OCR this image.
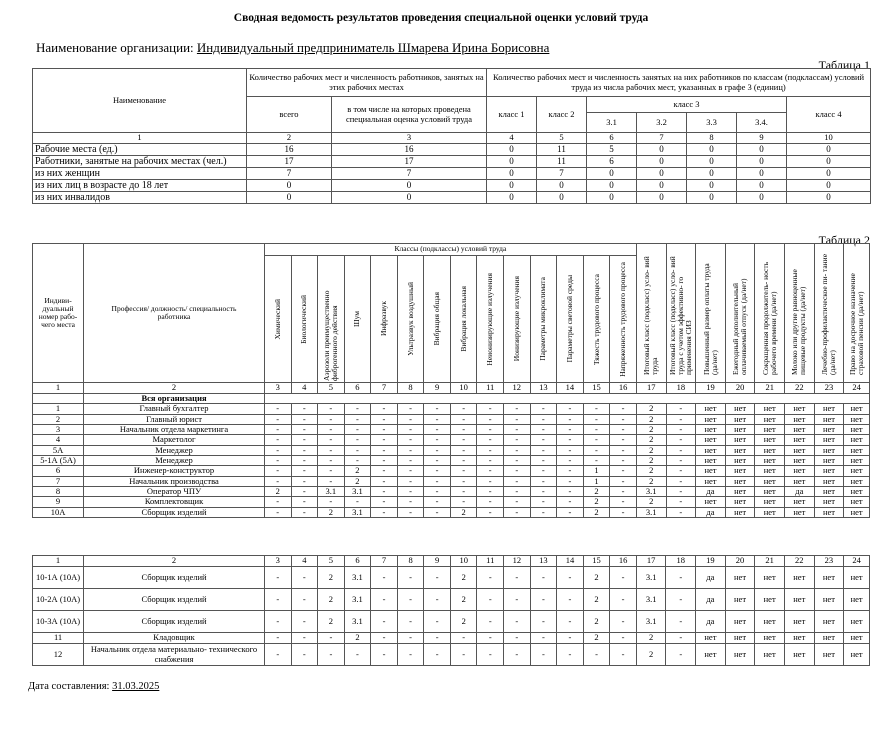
Сводная ведомость результатов проведения специальной оценки условий труда
Наименование организации: Индивидуальный предприниматель Шмарева Ирина Борисовна
Таблица 1
Наименование	Количество рабочих мест и численность работников, занятых на этих рабочих местах		Количество рабочих мест и численность занятых на них работников по классам (подклассам) условий труда из числа рабочих мест, указанных в графе 3 (единиц)						
	всего	в том числе на которых проведена специальная оценка условий труда	класс 1	класс 2	класс 3				класс 4
					3.1	3.2	3.3	3.4.	
1	2	3	4	5	6	7	8	9	10
Рабочие места (ед.)	16	16	0	11	5	0	0	0	0
Работники, занятые на рабочих местах (чел.)	17	17	0	11	6	0	0	0	0
из них женщин	7	7	0	7	0	0	0	0	0
из них лиц в возрасте до 18 лет	0	0	0	0	0	0	0	0	0
из них инвалидов	0	0	0	0	0	0	0	0	0
Таблица 2
Индиви- дуальный номер рабо- чего места	Профессия/ должность/ специальность работника	Классы (подклассы) условий труда														Итоговый класс (подкласс) усло- вий труда	Итоговый класс (подкласс) усло- вий труда с учетом эффективно- го применения СИЗ	Повышенный размер оплаты труда (да/нет)	Ежегодный дополнительный оплачиваемый отпуск (да/нет)	Сокращенная продолжитель- ность рабочего времени (да/нет)	Молоко или другие равноценные пищевые продукты (да/нет)	Лечебно-профилактическое пи- тание (да/нет)	Право на досрочное назначение страховой пенсии (да/нет)

		Химический	Биологический	Аэрозоли преимущественно фиброгенного действия	Шум	Инфразвук	Ультразвук воздушный	Вибрация общая	Вибрация локальная	Неионизирующие излучения	Ионизирующие излучения	Параметры микроклимата	Параметры световой среды	Тяжесть трудового процесса	Напряженность трудового процесса								

1	2	3	4	5	6	7	8	9	10	11	12	13	14	15	16	17	18	19	20	21	22	23	24
	Вся организация																						
1	Главный бухгалтер	-	-	-	-	-	-	-	-	-	-	-	-	-	-	2	-	нет	нет	нет	нет	нет	нет
2	Главный юрист	-	-	-	-	-	-	-	-	-	-	-	-	-	-	2	-	нет	нет	нет	нет	нет	нет
3	Начальник отдела маркетинга	-	-	-	-	-	-	-	-	-	-	-	-	-	-	2	-	нет	нет	нет	нет	нет	нет
4	Маркетолог	-	-	-	-	-	-	-	-	-	-	-	-	-	-	2	-	нет	нет	нет	нет	нет	нет
5А	Менеджер	-	-	-	-	-	-	-	-	-	-	-	-	-	-	2	-	нет	нет	нет	нет	нет	нет
5-1А (5А)	Менеджер	-	-	-	-	-	-	-	-	-	-	-	-	-	-	2	-	нет	нет	нет	нет	нет	нет
6	Инженер-конструктор	-	-	-	2	-	-	-	-	-	-	-	-	1	-	2	-	нет	нет	нет	нет	нет	нет
7	Начальник производства	-	-	-	2	-	-	-	-	-	-	-	-	1	-	2	-	нет	нет	нет	нет	нет	нет
8	Оператор ЧПУ	2	-	3.1	3.1	-	-	-	-	-	-	-	-	2	-	3.1	-	да	нет	нет	да	нет	нет
9	Комплектовщик	-	-	-	-	-	-	-	-	-	-	-	-	2	-	2	-	нет	нет	нет	нет	нет	нет
10А	Сборщик изделий	-	-	2	3.1	-	-	-	2	-	-	-	-	2	-	3.1	-	да	нет	нет	нет	нет	нет
1	2	3	4	5	6	7	8	9	10	11	12	13	14	15	16	17	18	19	20	21	22	23	24
10-1А (10А)	Сборщик изделий	-	-	2	3.1	-	-	-	2	-	-	-	-	2	-	3.1	-	да	нет	нет	нет	нет	нет
10-2А (10А)	Сборщик изделий	-	-	2	3.1	-	-	-	2	-	-	-	-	2	-	3.1	-	да	нет	нет	нет	нет	нет
10-3А (10А)	Сборщик изделий	-	-	2	3.1	-	-	-	2	-	-	-	-	2	-	3.1	-	да	нет	нет	нет	нет	нет
11	Кладовщик	-	-	-	2	-	-	-	-	-	-	-	-	2	-	2	-	нет	нет	нет	нет	нет	нет
12	Начальник отдела материально- технического снабжения	-	-	-	-	-	-	-	-	-	-	-	-	-	-	2	-	нет	нет	нет	нет	нет	нет
Дата составления: 31.03.2025
